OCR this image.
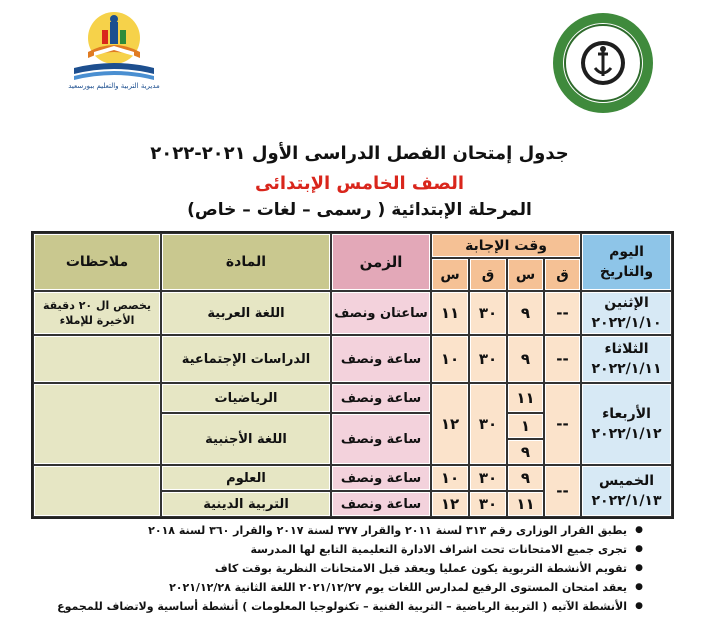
مديرية التربية والتعليم ببورسعيد
جدول إمتحان الفصل الدراسى الأول ٢٠٢١-٢٠٢٢
الصف الخامس الإبتدائى
المرحلة الإبتدائية ( رسمى – لغات – خاص)
اليوم والتاريخ
وقت الإجابة
ق
س
ق
س
الزمن
المادة
ملاحظات
الإثنين
٢٠٢٢/١/١٠
--
٩
٣٠
١١
ساعتان ونصف
اللغة العربية
يخصص ال ٢٠ دقيقة
الأخيرة للإملاء
الثلاثاء
٢٠٢٢/١/١١
--
٩
٣٠
١٠
ساعة ونصف
الدراسات الإجتماعية
الأربعاء
٢٠٢٢/١/١٢
--
١١
١
٩
٣٠
١٢
ساعة ونصف
ساعة ونصف
الرياضيات
اللغة الأجنبية
الخميس
٢٠٢٢/١/١٣
--
٩
١١
٣٠
٣٠
١٠
١٢
ساعة ونصف
ساعة ونصف
العلوم
التربية الدينية
● يطبق القرار الوزارى رقم ٣١٣ لسنة ٢٠١١ والقرار ٣٧٧ لسنة ٢٠١٧ والقرار ٣٦٠ لسنة ٢٠١٨
● تجرى جميع الامتحانات تحت اشراف الادارة التعليمية التابع لها المدرسة
● تقويم الأنشطة التربوية يكون عمليا ويعقد قبل الامتحانات النظرية بوقت كاف
● يعقد امتحان المستوى الرفيع لمدارس اللغات يوم ٢٠٢١/١٢/٢٧ اللغة الثانية ٢٠٢١/١٢/٢٨
● الأنشطة الآتيه ( التربية الرياضية – التربية الفنية – تكنولوجيا المعلومات ) أنشطة أساسية ولاتضاف للمجموع
